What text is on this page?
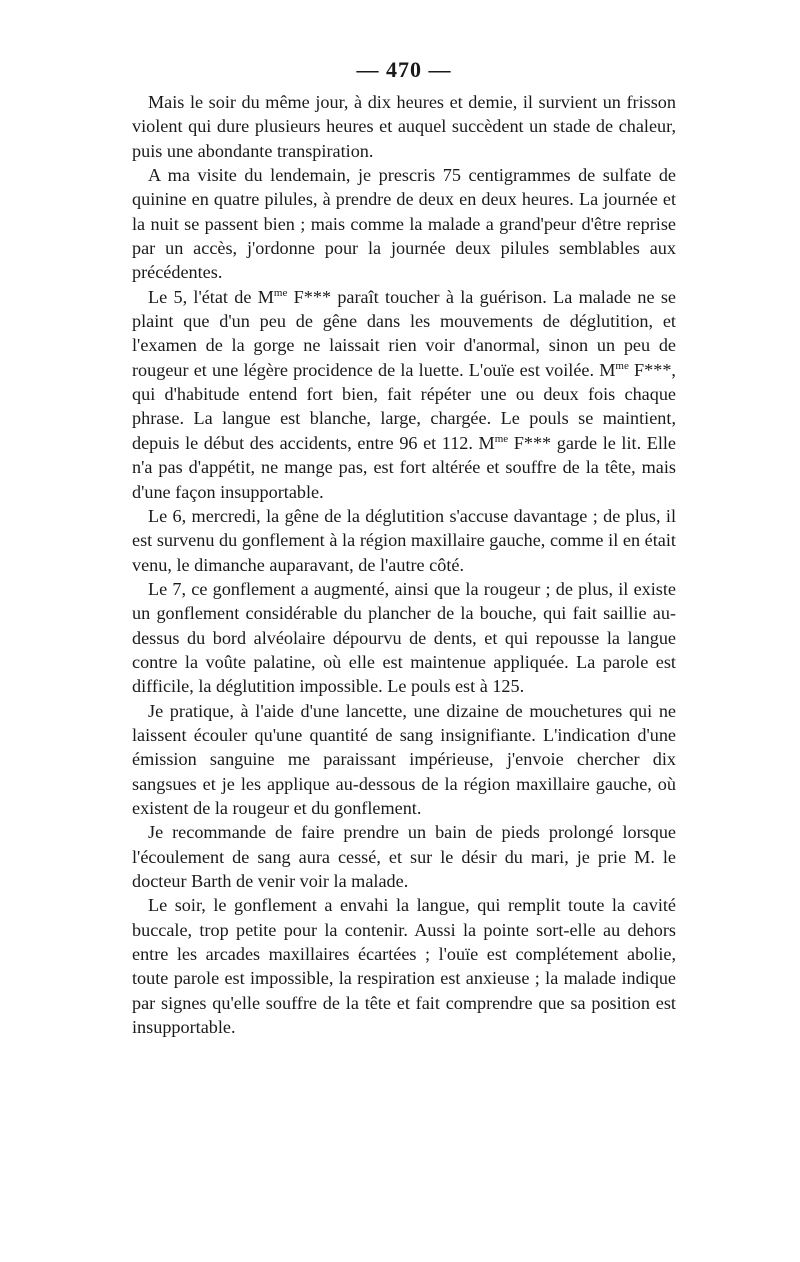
— 470 —

Mais le soir du même jour, à dix heures et demie, il survient un frisson violent qui dure plusieurs heures et auquel succèdent un stade de chaleur, puis une abondante transpiration.

A ma visite du lendemain, je prescris 75 centigrammes de sulfate de quinine en quatre pilules, à prendre de deux en deux heures. La journée et la nuit se passent bien ; mais comme la malade a grand'peur d'être reprise par un accès, j'ordonne pour la journée deux pilules semblables aux précédentes.

Le 5, l'état de $M^{me}$ F*** paraît toucher à la guérison. La malade ne se plaint que d'un peu de gêne dans les mouvements de déglutition, et l'examen de la gorge ne laissait rien voir d'anormal, sinon un peu de rougeur et une légère procidence de la luette. L'ouïe est voilée. $M^{me}$ F***, qui d'habitude entend fort bien, fait répéter une ou deux fois chaque phrase. La langue est blanche, large, chargée. Le pouls se maintient, depuis le début des accidents, entre 96 et 112. $M^{me}$ F*** garde le lit. Elle n'a pas d'appétit, ne mange pas, est fort altérée et souffre de la tête, mais d'une façon insupportable.

Le 6, mercredi, la gêne de la déglutition s'accuse davantage ; de plus, il est survenu du gonflement à la région maxillaire gauche, comme il en était venu, le dimanche auparavant, de l'autre côté.

Le 7, ce gonflement a augmenté, ainsi que la rougeur ; de plus, il existe un gonflement considérable du plancher de la bouche, qui fait saillie au-dessus du bord alvéolaire dépourvu de dents, et qui repousse la langue contre la voûte palatine, où elle est maintenue appliquée. La parole est difficile, la déglutition impossible. Le pouls est à 125.

Je pratique, à l'aide d'une lancette, une dizaine de mouchetures qui ne laissent écouler qu'une quantité de sang insignifiante. L'indication d'une émission sanguine me paraissant impérieuse, j'envoie chercher dix sangsues et je les applique au-dessous de la région maxillaire gauche, où existent de la rougeur et du gonflement.

Je recommande de faire prendre un bain de pieds prolongé lorsque l'écoulement de sang aura cessé, et sur le désir du mari, je prie M. le docteur Barth de venir voir la malade.

Le soir, le gonflement a envahi la langue, qui remplit toute la cavité buccale, trop petite pour la contenir. Aussi la pointe sort-elle au dehors entre les arcades maxillaires écartées ; l'ouïe est complétement abolie, toute parole est impossible, la respiration est anxieuse ; la malade indique par signes qu'elle souffre de la tête et fait comprendre que sa position est insupportable.
